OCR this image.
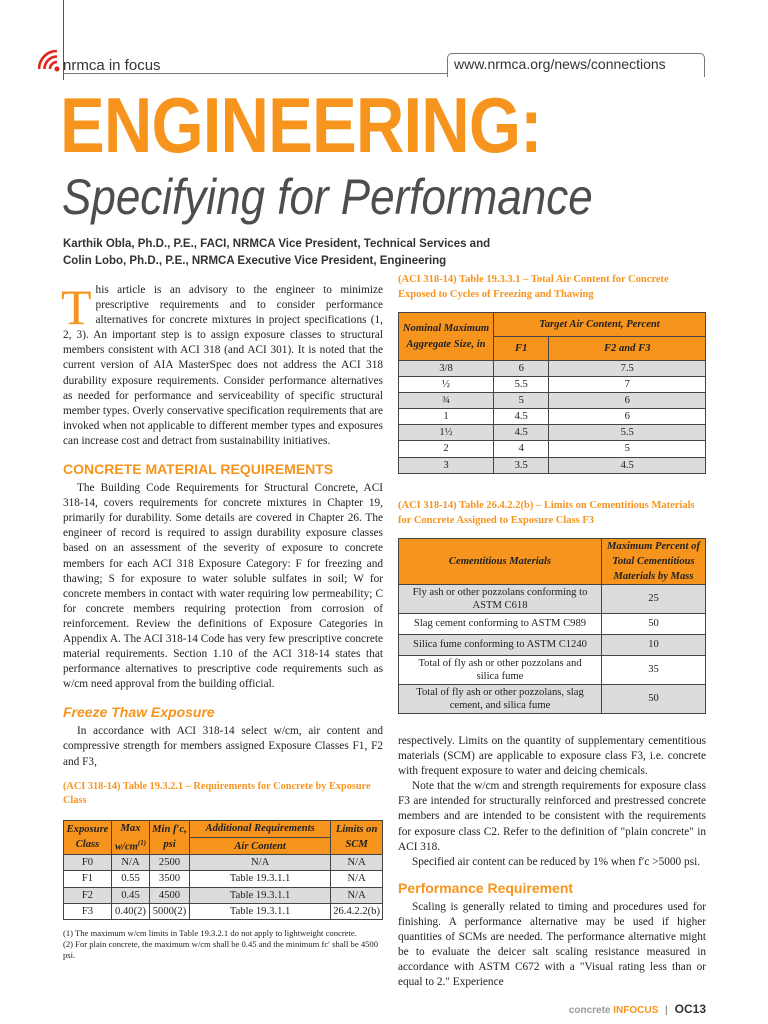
nrmca in focus	www.nrmca.org/news/connections
ENGINEERING:
Specifying for Performance
Karthik Obla, Ph.D., P.E., FACI, NRMCA Vice President, Technical Services and
Colin Lobo, Ph.D., P.E., NRMCA Executive Vice President, Engineering

This article is an advisory to the engineer to minimize prescriptive requirements and to consider performance alternatives for concrete mixtures in project specifications (1, 2, 3). An important step is to assign exposure classes to structural members consistent with ACI 318 (and ACI 301). It is noted that the current version of AIA MasterSpec does not address the ACI 318 durability exposure requirements. Consider performance alternatives as needed for performance and serviceability of specific structural member types. Overly conservative specification requirements that are invoked when not applicable to different member types and exposures can increase cost and detract from sustainability initiatives.

CONCRETE MATERIAL REQUIREMENTS

The Building Code Requirements for Structural Concrete, ACI 318-14, covers requirements for concrete mixtures in Chapter 19, primarily for durability. Some details are covered in Chapter 26. The engineer of record is required to assign durability exposure classes based on an assessment of the severity of exposure to concrete members for each ACI 318 Exposure Category: F for freezing and thawing; S for exposure to water soluble sulfates in soil; W for concrete members in contact with water requiring low permeability; C for concrete members requiring protection from corrosion of reinforcement. Review the definitions of Exposure Categories in Appendix A. The ACI 318-14 Code has very few prescriptive concrete material requirements. Section 1.10 of the ACI 318-14 states that performance alternatives to prescriptive code requirements such as w/cm need approval from the building official.

Freeze Thaw Exposure

In accordance with ACI 318-14 select w/cm, air content and compressive strength for members assigned Exposure Classes F1, F2 and F3,

(ACI 318-14) Table 19.3.2.1 – Requirements for Concrete by Exposure Class
Exposure Class	Max $w/cm^{(1)}$	Min f′c, psi	Additional Requirements	Limits on SCM
			Air Content	
F0	N/A	2500	N/A	N/A
F1	0.55	3500	Table 19.3.1.1	N/A
F2	0.45	4500	Table 19.3.1.1	N/A
F3	0.40(2)	5000(2)	Table 19.3.1.1	26.4.2.2(b)
(1) The maximum w/cm limits in Table 19.3.2.1 do not apply to lightweight concrete.
(2) For plain concrete, the maximum w/cm shall be 0.45 and the minimum fc′ shall be 4500 psi.
(ACI 318-14) Table 19.3.3.1 – Total Air Content for Concrete Exposed to Cycles of Freezing and Thawing
Nominal Maximum Aggregate Size, in	Target Air Content, Percent	
	F1	F2 and F3
3/8	6	7.5
½	5.5	7
¾	5	6
1	4.5	6
1½	4.5	5.5
2	4	5
3	3.5	4.5
(ACI 318-14) Table 26.4.2.2(b) – Limits on Cementitious Materials for Concrete Assigned to Exposure Class F3
Cementitious Materials	Maximum Percent of Total Cementitious Materials by Mass
Fly ash or other pozzolans conforming to ASTM C618	25
Slag cement conforming to ASTM C989	50
Silica fume conforming to ASTM C1240	10
Total of fly ash or other pozzolans and silica fume	35
Total of fly ash or other pozzolans, slag cement, and silica fume	50

respectively. Limits on the quantity of supplementary cementitious materials (SCM) are applicable to exposure class F3, i.e. concrete with frequent exposure to water and deicing chemicals.

Note that the w/cm and strength requirements for exposure class F3 are intended for structurally reinforced and prestressed concrete members and are intended to be consistent with the requirements for exposure class C2. Refer to the definition of "plain concrete" in ACI 318.

Specified air content can be reduced by 1% when f′c >5000 psi.

Performance Requirement

Scaling is generally related to timing and procedures used for finishing. A performance alternative may be used if higher quantities of SCMs are needed. The performance alternative might be to evaluate the deicer salt scaling resistance measured in accordance with ASTM C672 with a "Visual rating less than or equal to 2." Experience

concrete INFOCUS | OC13
